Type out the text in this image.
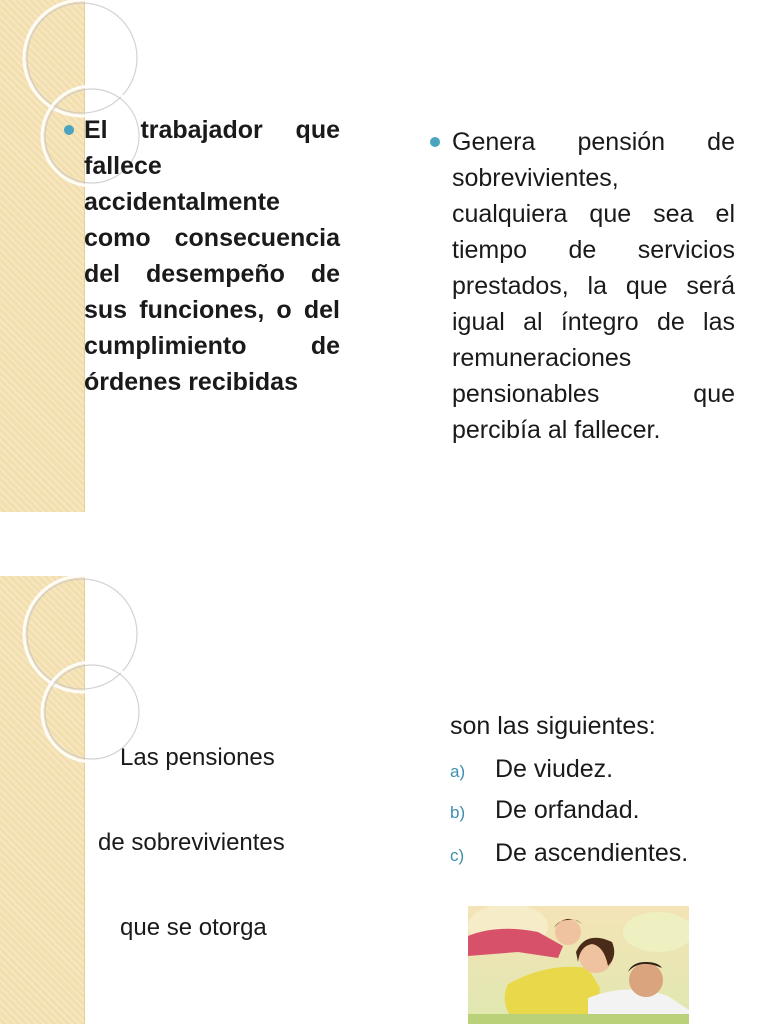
El trabajador que fallece accidentalmente como consecuencia del desempeño de sus funciones, o del cumplimiento de órdenes recibidas
Genera pensión de sobrevivientes, cualquiera que sea el tiempo de servicios prestados, la que será igual al íntegro de las remuneraciones pensionables que percibía al fallecer.
Las pensiones
de sobrevivientes
que se otorga
son las siguientes:
a) De viudez.
b) De orfandad.
c) De ascendientes.
